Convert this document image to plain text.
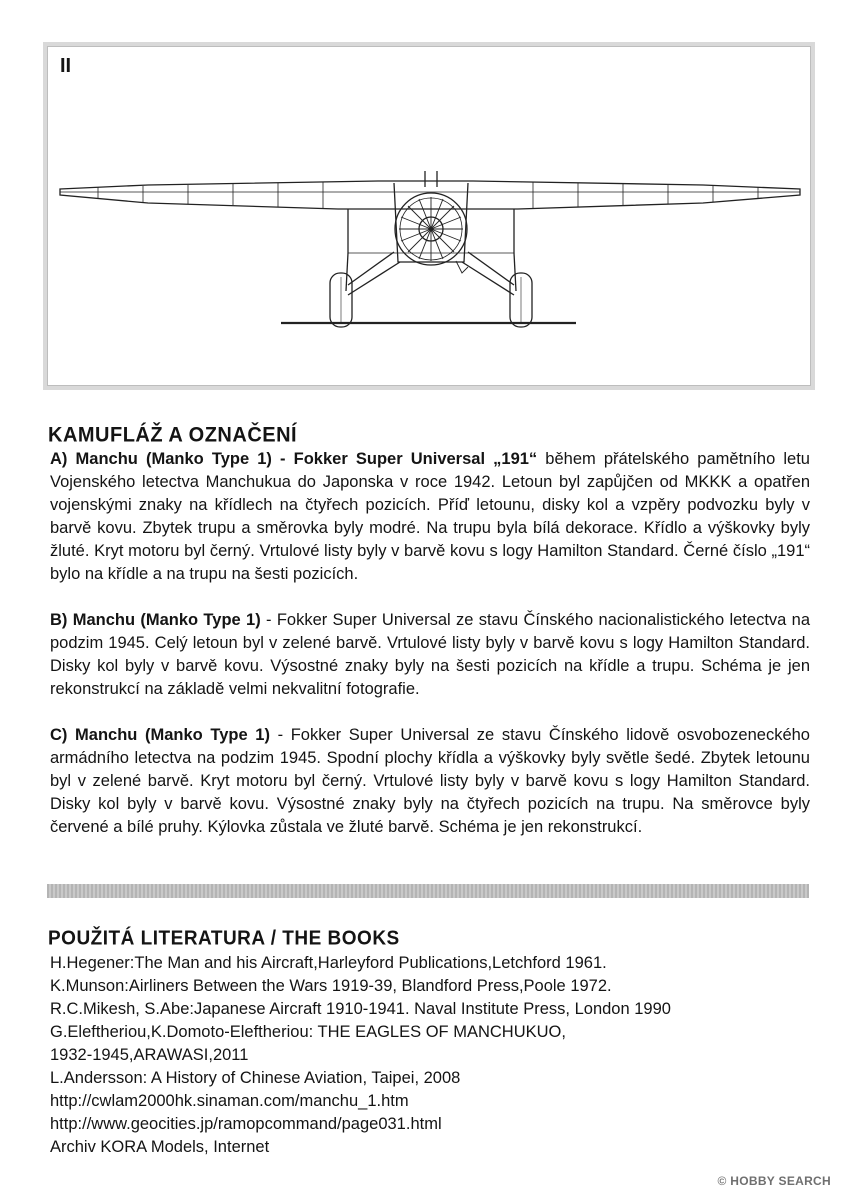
II
KAMUFLÁŽ A OZNAČENÍ
A) Manchu (Manko Type 1) - Fokker Super Universal „191“ během přátelského pamětního letu Vojenského letectva Manchukua do Japonska v roce 1942. Letoun byl zapůjčen od MKKK a opatřen vojenskými znaky na křídlech na čtyřech pozicích. Příď letounu, disky kol a vzpěry podvozku byly v barvě kovu. Zbytek trupu a směrovka byly modré. Na trupu byla bílá dekorace. Křídlo a výškovky byly žluté. Kryt motoru byl černý. Vrtulové listy byly v barvě kovu s logy Hamilton Standard. Černé číslo „191“ bylo na křídle a na trupu na šesti pozicích.
B) Manchu (Manko Type 1) - Fokker Super Universal ze stavu Čínského nacionalistického letectva na podzim 1945. Celý letoun byl v zelené barvě. Vrtulové listy byly v barvě kovu s logy Hamilton Standard. Disky kol byly v barvě kovu. Výsostné znaky byly na šesti pozicích na křídle a trupu. Schéma je jen rekonstrukcí na základě velmi nekvalitní fotografie.
C) Manchu (Manko Type 1) - Fokker Super Universal ze stavu Čínského lidově osvobozeneckého armádního letectva na podzim 1945. Spodní plochy křídla a výškovky byly světle šedé. Zbytek letounu byl v zelené barvě. Kryt motoru byl černý. Vrtulové listy byly v barvě kovu s logy Hamilton Standard. Disky kol byly v barvě kovu. Výsostné znaky byly na čtyřech pozicích na trupu. Na směrovce byly červené a bílé pruhy. Kýlovka zůstala ve žluté barvě. Schéma je jen rekonstrukcí.
POUŽITÁ LITERATURA / THE BOOKS
H.Hegener:The Man and his Aircraft,Harleyford Publications,Letchford 1961.
K.Munson:Airliners Between the Wars 1919-39, Blandford Press,Poole 1972.
R.C.Mikesh, S.Abe:Japanese Aircraft 1910-1941. Naval Institute Press, London 1990
G.Eleftheriou,K.Domoto-Eleftheriou: THE EAGLES OF MANCHUKUO,
1932-1945,ARAWASI,2011
L.Andersson: A History of Chinese Aviation, Taipei, 2008
http://cwlam2000hk.sinaman.com/manchu_1.htm
http://www.geocities.jp/ramopcommand/page031.html
Archiv KORA Models, Internet
© HOBBY SEARCH
